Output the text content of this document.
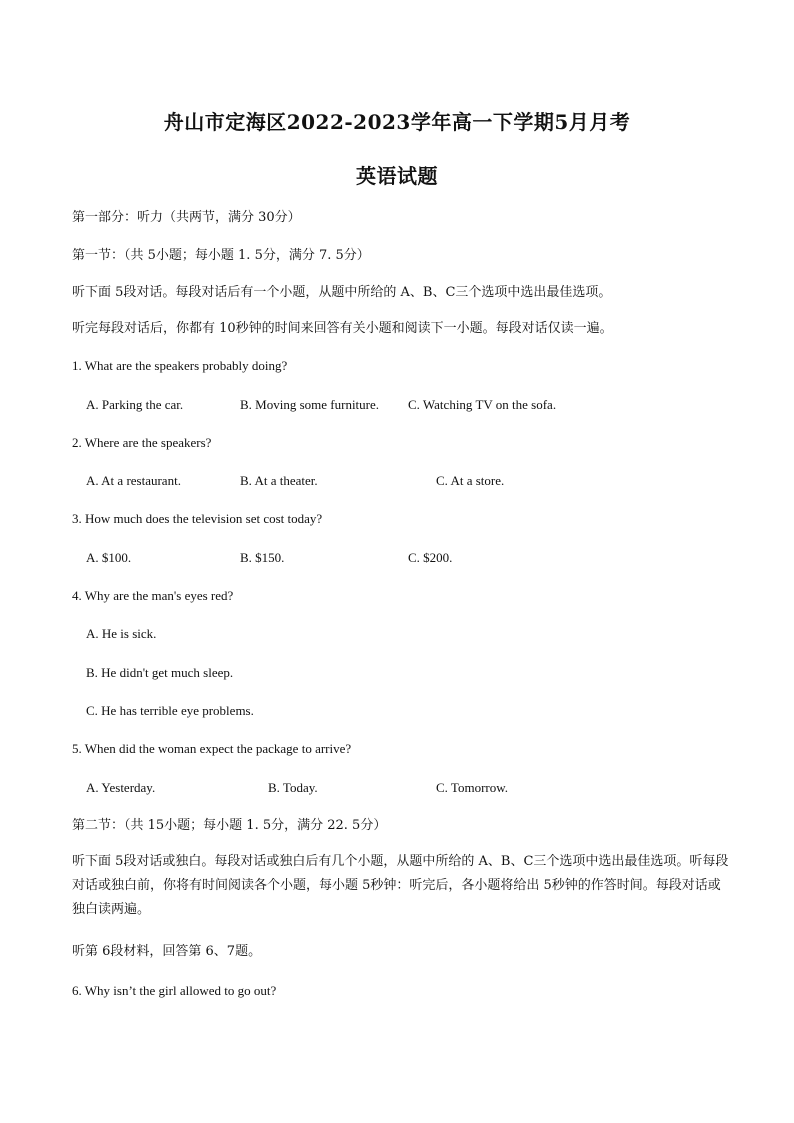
舟山市定海区2022-2023学年高一下学期5月月考
英语试题
第一部分：听力（共两节，满分 30分）
第一节：（共 5小题；每小题 1. 5分，满分 7. 5分）
听下面 5段对话。每段对话后有一个小题，从题中所给的 A、B、C三个选项中选出最佳选项。
听完每段对话后，你都有 10秒钟的时间来回答有关小题和阅读下一小题。每段对话仅读一遍。
1. What are the speakers probably doing?
A. Parking the car.	B. Moving some furniture. C. Watching TV on the sofa.
2. Where are the speakers?
A. At a restaurant.	B. At a theater.	C. At a store.
3. How much does the television set cost today?
A. $100.	B. $150.	C. $200.
4. Why are the man's eyes red?
A. He is sick.
B. He didn't get much sleep.
C. He has terrible eye problems.
5. When did the woman expect the package to arrive?
A. Yesterday.	B. Today.	C. Tomorrow.
第二节：（共 15小题；每小题 1. 5分，满分 22. 5分）
听下面 5段对话或独白。每段对话或独白后有几个小题，从题中所给的 A、B、C三个选项中选出最佳选项。听每段对话或独白前，你将有时间阅读各个小题，每小题 5秒钟：听完后，各小题将给出 5秒钟的作答时间。每段对话或独白读两遍。
听第 6段材料，回答第 6、7题。
6. Why isn’t the girl allowed to go out?
